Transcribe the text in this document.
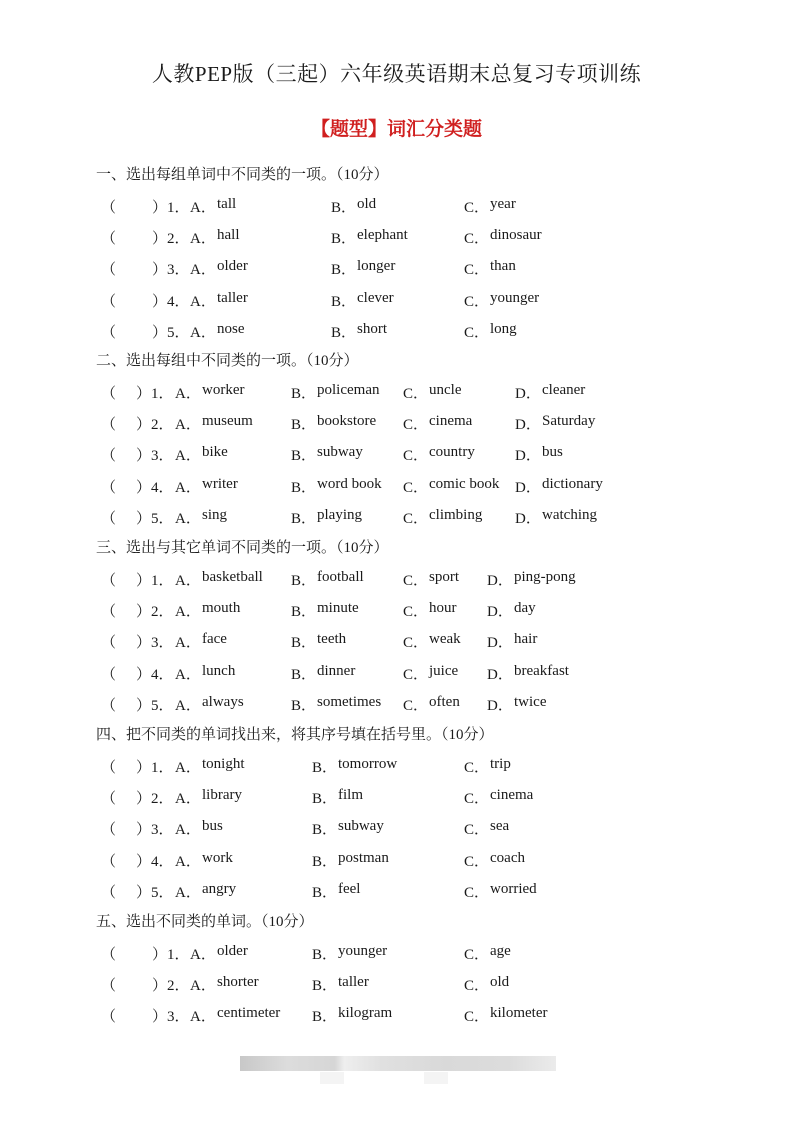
人教PEP版（三起）六年级英语期末总复习专项训练
【题型】词汇分类题
一、选出每组单词中不同类的一项。（10分）
（ ）1． A． tall	B． old	C． year
（ ）2． A． hall	B． elephant	C． dinosaur
（ ）3． A． older	B． longer	C． than
（ ）4． A． taller	B． clever	C． younger
（ ）5． A． nose	B． short	C． long
二、选出每组中不同类的一项。（10分）
（ ）1． A． worker	B． policeman C． uncle	D． cleaner
（ ）2． A． museum	B． bookstore C． cinema	D． Saturday
（ ）3． A． bike	B． subway	C． country	D． bus
（ ）4． A． writer	B． word book C． comic book D． dictionary
（ ）5． A． sing	B． playing	C． climbing D． watching
三、选出与其它单词不同类的一项。（10分）
（ ）1． A． basketball B． football	C． sport D． ping-pong
（ ）2． A． mouth	B． minute	C． hour D． day
（ ）3． A． face	B． teeth	C． weak D． hair
（ ）4． A． lunch	B． dinner	C． juice D． breakfast
（ ）5． A． always	B． sometimes C． often D． twice
四、把不同类的单词找出来，将其序号填在括号里。（10分）
（ ）1． A． tonight	B． tomorrow	C． trip
（ ）2． A． library	B． film	C． cinema
（ ）3． A． bus	B． subway	C． sea
（ ）4． A． work	B． postman	C． coach
（ ）5． A． angry	B． feel	C． worried
五、选出不同类的单词。（10分）
（ ）1． A． older	B． younger	C． age
（ ）2． A． shorter	B． taller	C． old
（ ）3． A． centimeter B． kilogram	C． kilometer
